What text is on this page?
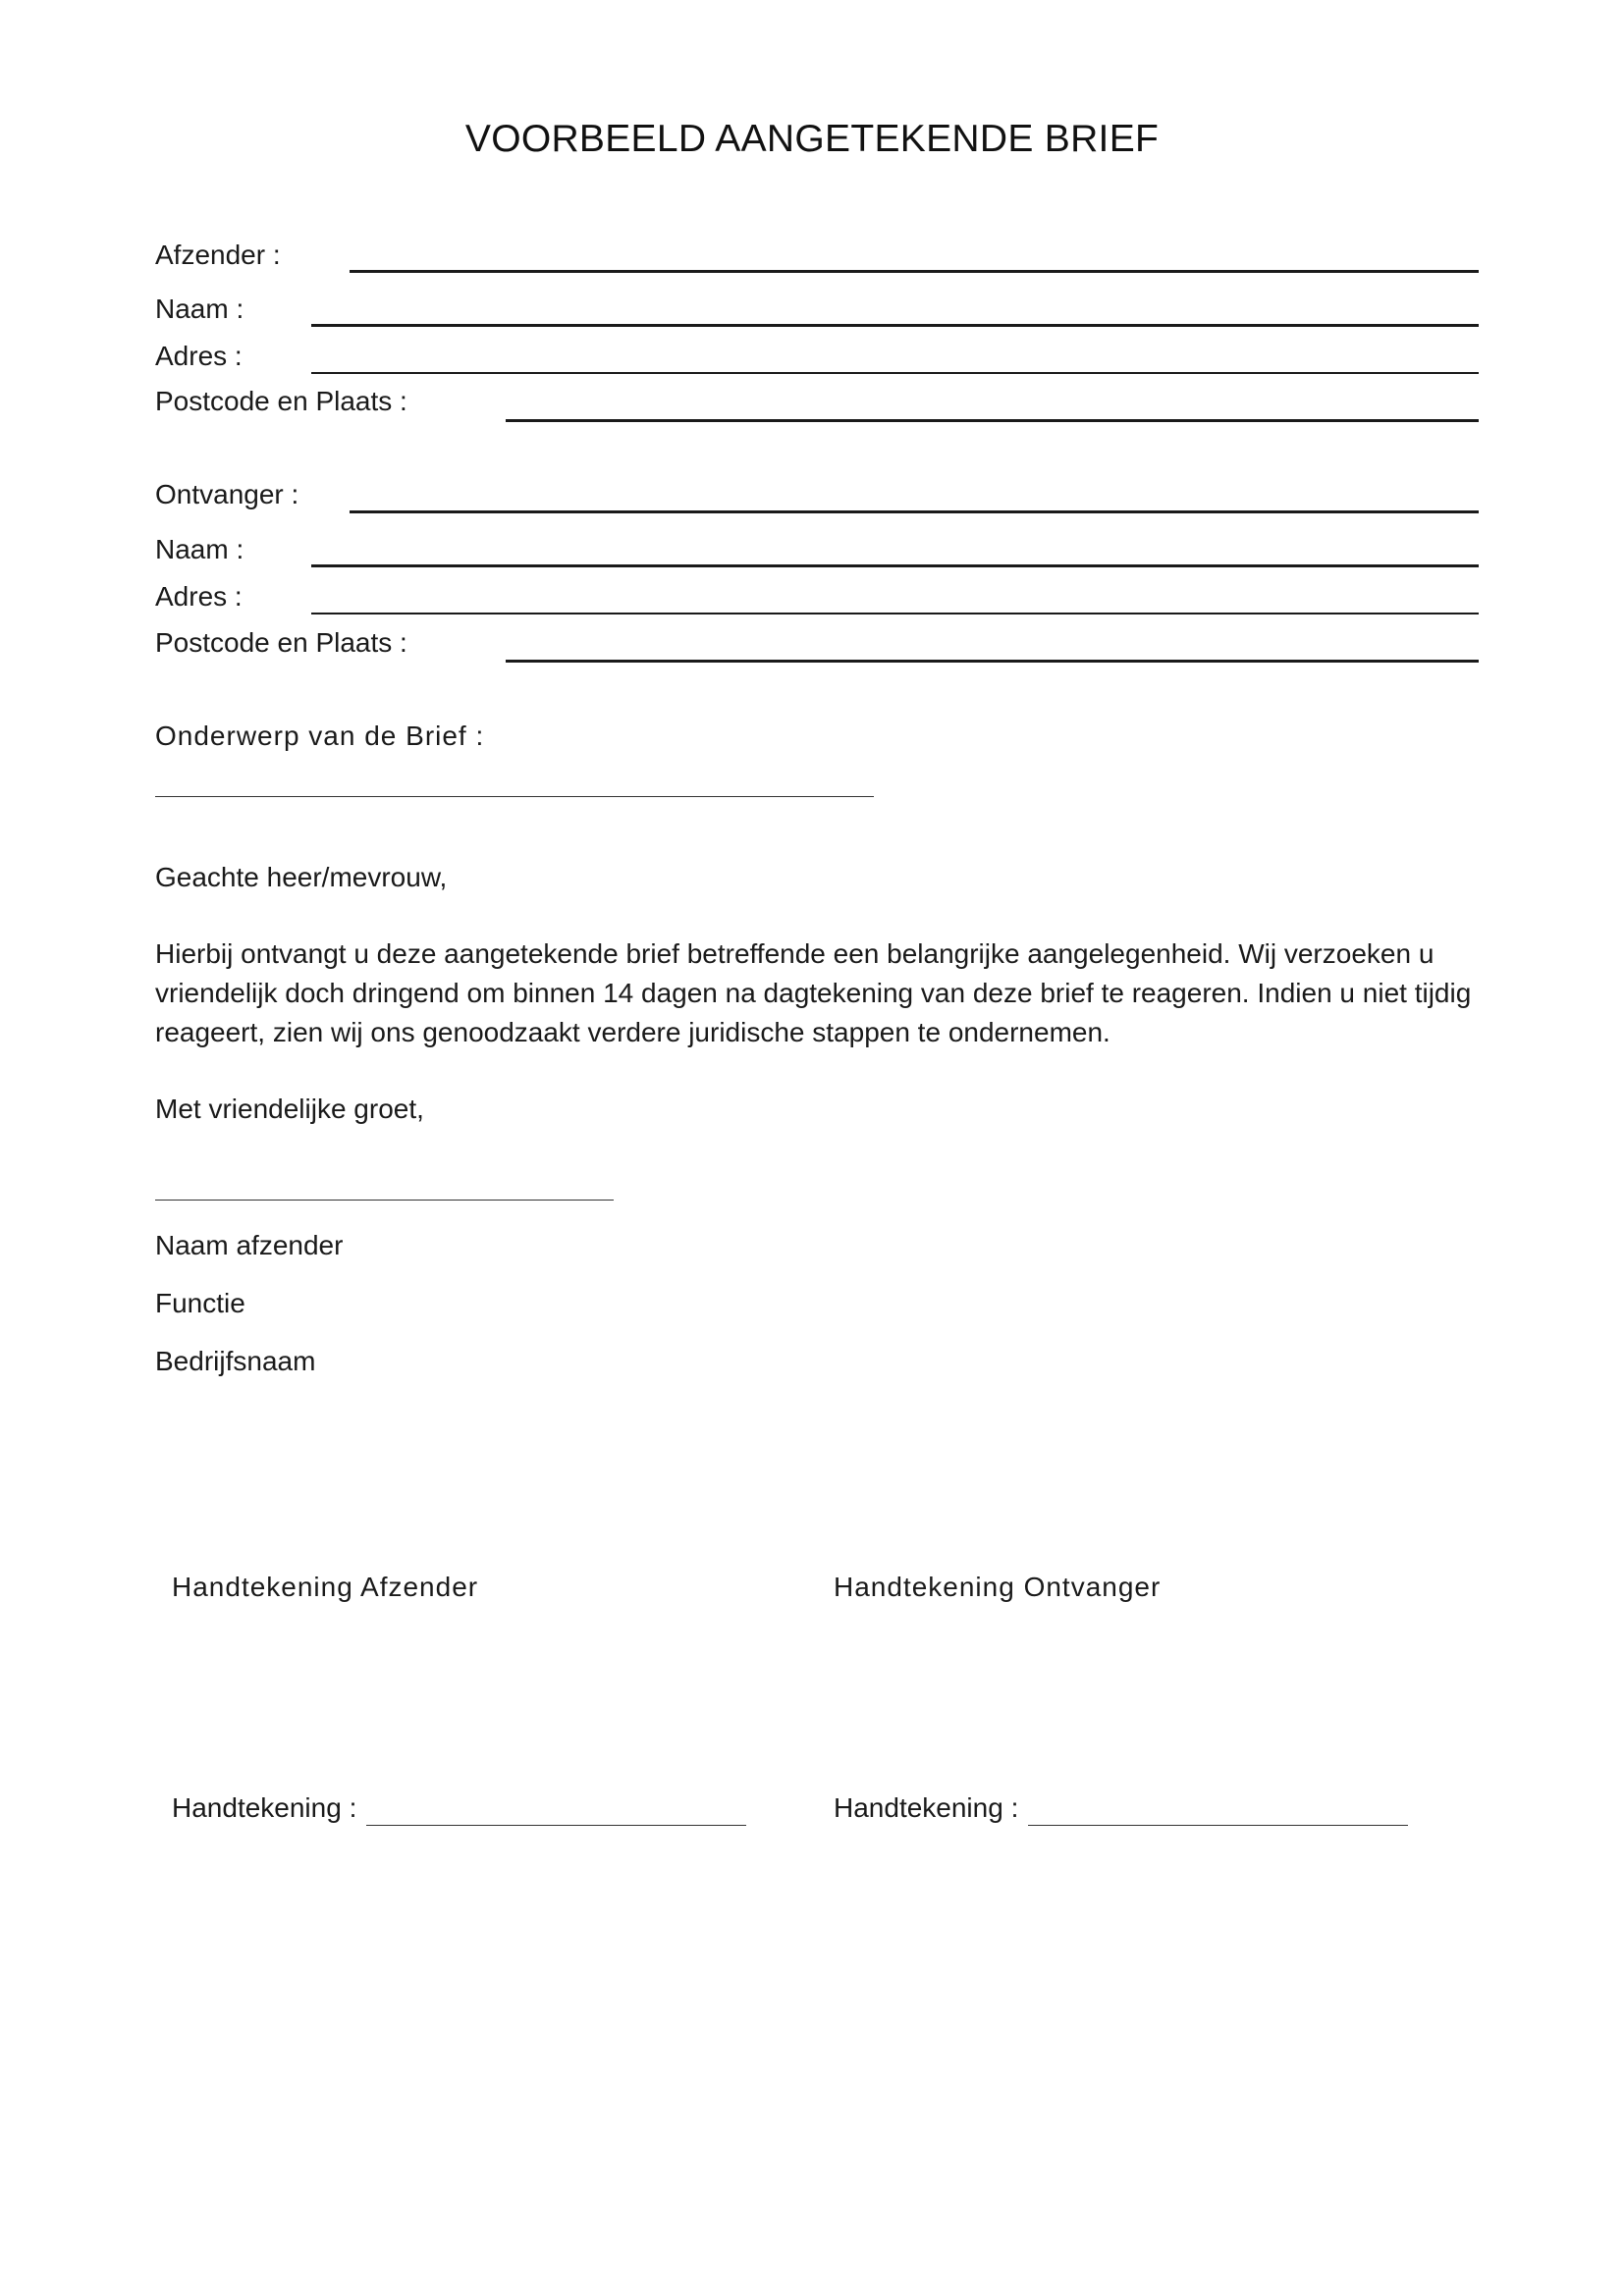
VOORBEELD AANGETEKENDE BRIEF
Afzender :
Naam :
Adres :
Postcode en Plaats :
Ontvanger :
Naam :
Adres :
Postcode en Plaats :
Onderwerp van de Brief :
Geachte heer/mevrouw,
Hierbij ontvangt u deze aangetekende brief betreffende een belangrijke aangelegenheid. Wij verzoeken u vriendelijk doch dringend om binnen 14 dagen na dagtekening van deze brief te reageren. Indien u niet tijdig reageert, zien wij ons genoodzaakt verdere juridische stappen te ondernemen.
Met vriendelijke groet,
Naam afzender
Functie
Bedrijfsnaam
Handtekening Afzender	Handtekening Ontvanger
Handtekening :	Handtekening :
